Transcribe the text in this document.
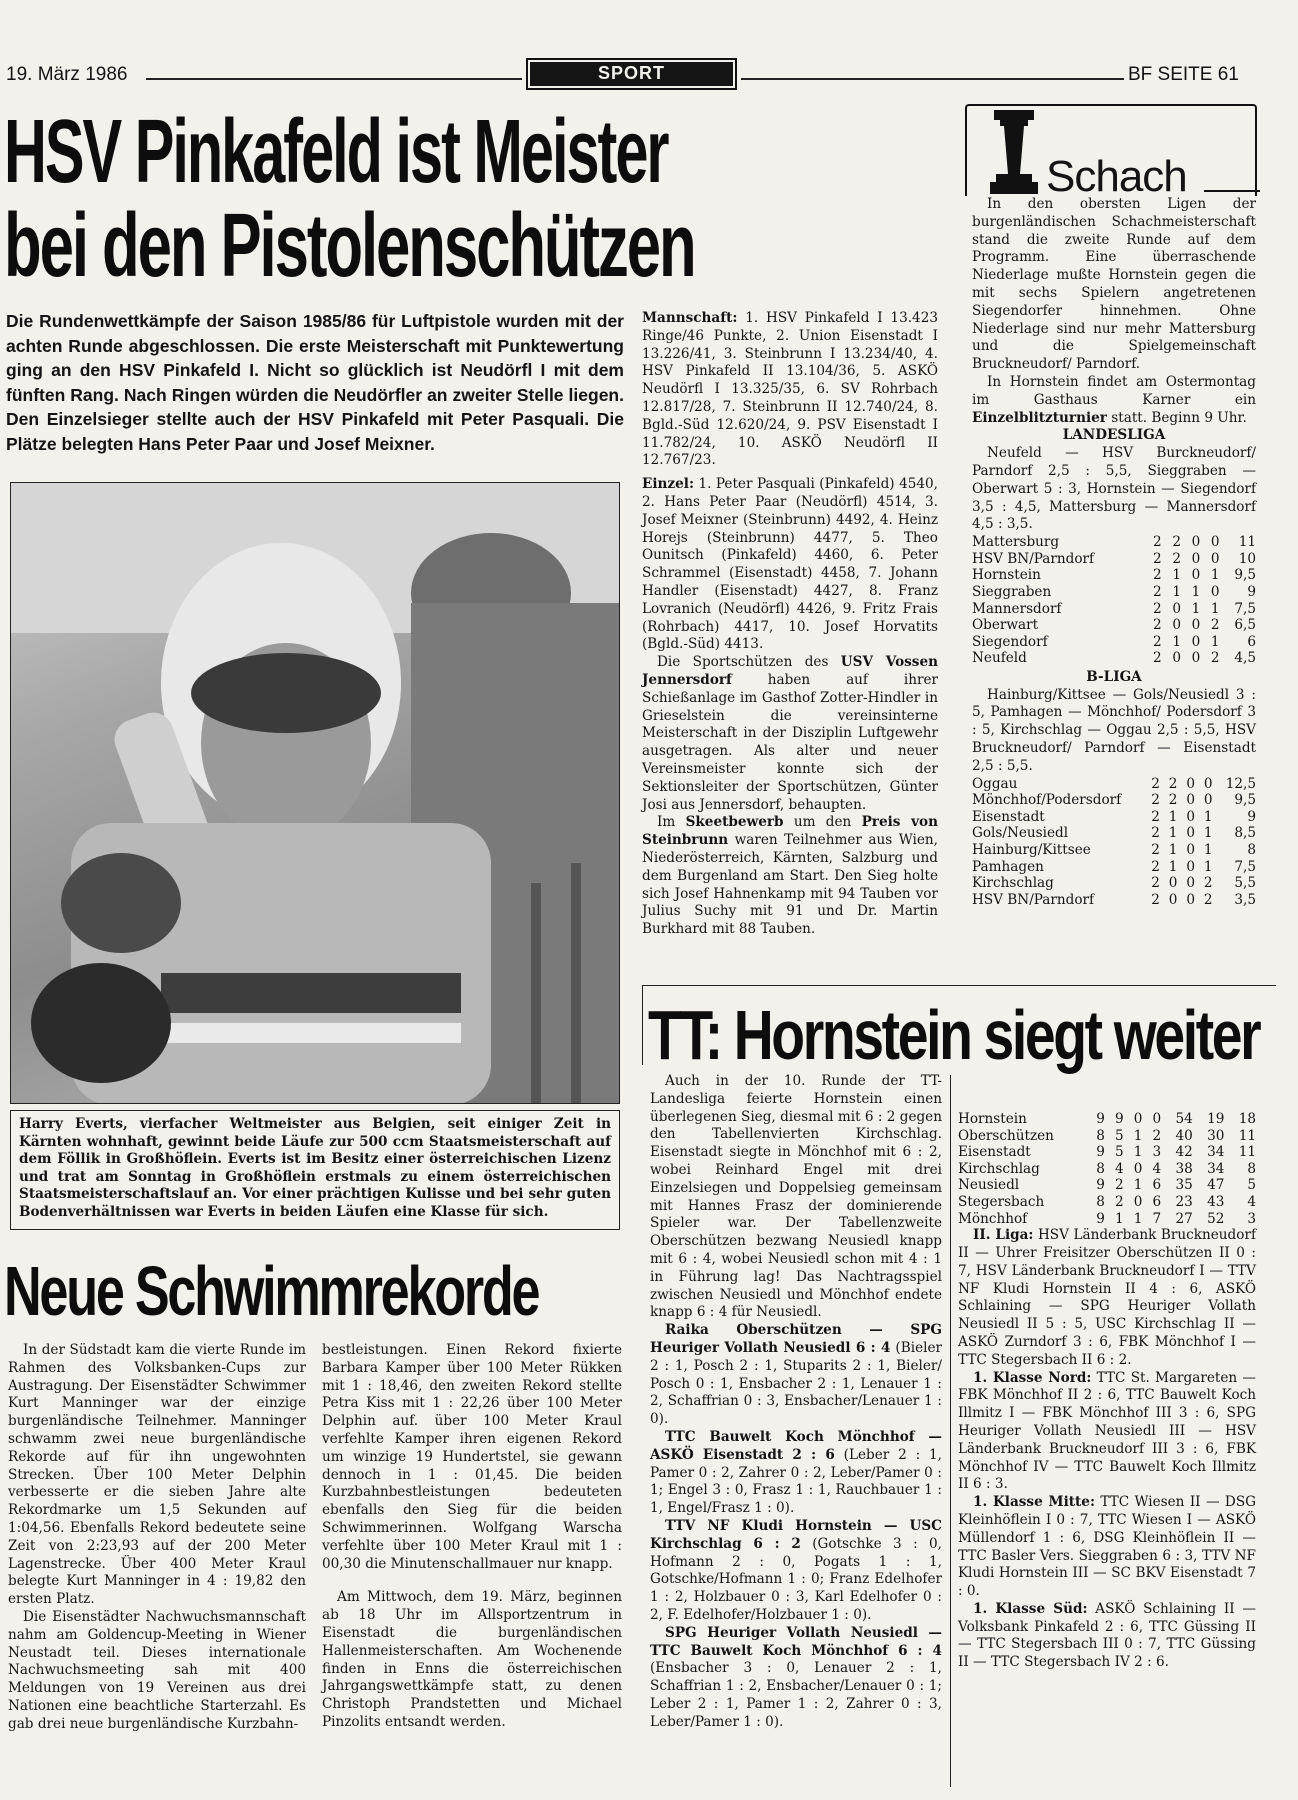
19. März 1986	SPORT	BF SEITE 61
HSV Pinkafeld ist Meister
bei den Pistolenschützen
Die Rundenwettkämpfe der Saison 1985/86 für Luftpistole wurden mit der achten Runde abgeschlossen. Die erste Meisterschaft mit Punktewertung ging an den HSV Pinkafeld I. Nicht so glücklich ist Neudörfl I mit dem fünften Rang. Nach Ringen würden die Neudörfler an zweiter Stelle liegen. Den Einzelsieger stellte auch der HSV Pinkafeld mit Peter Pasquali. Die Plätze belegten Hans Peter Paar und Josef Meixner.

Mannschaft: 1. HSV Pinkafeld I 13.423 Ringe/46 Punkte, 2. Union Eisenstadt I 13.226/41, 3. Steinbrunn I 13.234/40, 4. HSV Pinkafeld II 13.104/36, 5. ASKÖ Neudörfl I 13.325/35, 6. SV Rohrbach 12.817/28, 7. Steinbrunn II 12.740/24, 8. Bgld.-Süd 12.620/24, 9. PSV Eisenstadt I 11.782/24, 10. ASKÖ Neudörfl II 12.767/23.

Einzel: 1. Peter Pasquali (Pinkafeld) 4540, 2. Hans Peter Paar (Neudörfl) 4514, 3. Josef Meixner (Steinbrunn) 4492, 4. Heinz Horejs (Steinbrunn) 4477, 5. Theo Ounitsch (Pinkafeld) 4460, 6. Peter Schrammel (Eisenstadt) 4458, 7. Johann Handler (Eisenstadt) 4427, 8. Franz Lovranich (Neudörfl) 4426, 9. Fritz Frais (Rohrbach) 4417, 10. Josef Horvatits (Bgld.-Süd) 4413.

Die Sportschützen des USV Vossen Jennersdorf haben auf ihrer Schießanlage im Gasthof Zotter-Hindler in Grieselstein die vereinsinterne Meisterschaft in der Disziplin Luftgewehr ausgetragen. Als alter und neuer Vereinsmeister konnte sich der Sektionsleiter der Sportschützen, Günter Josi aus Jennersdorf, behaupten.

Im Skeetbewerb um den Preis von Steinbrunn waren Teilnehmer aus Wien, Niederösterreich, Kärnten, Salzburg und dem Burgenland am Start. Den Sieg holte sich Josef Hahnenkamp mit 94 Tauben vor Julius Suchy mit 91 und Dr. Martin Burkhard mit 88 Tauben.

Harry Everts, vierfacher Weltmeister aus Belgien, seit einiger Zeit in Kärnten wohnhaft, gewinnt beide Läufe zur 500 ccm Staatsmeisterschaft auf dem Föllik in Großhöflein. Everts ist im Besitz einer österreichischen Lizenz und trat am Sonntag in Großhöflein erstmals zu einem österreichischen Staatsmeisterschaftslauf an. Vor einer prächtigen Kulisse und bei sehr guten Bodenverhältnissen war Everts in beiden Läufen eine Klasse für sich.
Schach

In den obersten Ligen der burgenländischen Schachmeisterschaft stand die zweite Runde auf dem Programm. Eine überraschende Niederlage mußte Hornstein gegen die mit sechs Spielern angetretenen Siegendorfer hinnehmen. Ohne Niederlage sind nur mehr Mattersburg und die Spielgemeinschaft Bruckneudorf/ Parndorf.

In Hornstein findet am Ostermontag im Gasthaus Karner ein Einzelblitzturnier statt. Beginn 9 Uhr.

LANDESLIGA

Neufeld — HSV Burckneudorf/ Parndorf 2,5 : 5,5, Sieggraben — Oberwart 5 : 3, Hornstein — Siegendorf 3,5 : 4,5, Mattersburg — Mannersdorf 4,5 : 3,5.

Mattersburg	2	2	0	0	11
HSV BN/Parndorf	2	2	0	0	10
Hornstein	2	1	0	1	9,5
Sieggraben	2	1	1	0	9
Mannersdorf	2	0	1	1	7,5
Oberwart	2	0	0	2	6,5
Siegendorf	2	1	0	1	6
Neufeld	2	0	0	2	4,5

B-LIGA

Hainburg/Kittsee — Gols/Neusiedl 3 : 5, Pamhagen — Mönchhof/ Podersdorf 3 : 5, Kirchschlag — Oggau 2,5 : 5,5, HSV Bruckneudorf/ Parndorf — Eisenstadt 2,5 : 5,5.

Oggau	2	2	0	0	12,5
Mönchhof/Podersdorf	2	2	0	0	9,5
Eisenstadt	2	1	0	1	9
Gols/Neusiedl	2	1	0	1	8,5
Hainburg/Kittsee	2	1	0	1	8
Pamhagen	2	1	0	1	7,5
Kirchschlag	2	0	0	2	5,5
HSV BN/Parndorf	2	0	0	2	3,5
TT: Hornstein siegt weiter

Auch in der 10. Runde der TT-Landesliga feierte Hornstein einen überlegenen Sieg, diesmal mit 6 : 2 gegen den Tabellenvierten Kirchschlag. Eisenstadt siegte in Mönchhof mit 6 : 2, wobei Reinhard Engel mit drei Einzelsiegen und Doppelsieg gemeinsam mit Hannes Frasz der dominierende Spieler war. Der Tabellenzweite Oberschützen bezwang Neusiedl knapp mit 6 : 4, wobei Neusiedl schon mit 4 : 1 in Führung lag! Das Nachtragsspiel zwischen Neusiedl und Mönchhof endete knapp 6 : 4 für Neusiedl.

Raika Oberschützen — SPG Heuriger Vollath Neusiedl 6 : 4 (Bieler 2 : 1, Posch 2 : 1, Stuparits 2 : 1, Bieler/ Posch 0 : 1, Ensbacher 2 : 1, Lenauer 1 : 2, Schaffrian 0 : 3, Ensbacher/Lenauer 1 : 0).

TTC Bauwelt Koch Mönchhof — ASKÖ Eisenstadt 2 : 6 (Leber 2 : 1, Pamer 0 : 2, Zahrer 0 : 2, Leber/Pamer 0 : 1; Engel 3 : 0, Frasz 1 : 1, Rauchbauer 1 : 1, Engel/Frasz 1 : 0).

TTV NF Kludi Hornstein — USC Kirchschlag 6 : 2 (Gotschke 3 : 0, Hofmann 2 : 0, Pogats 1 : 1, Gotschke/Hofmann 1 : 0; Franz Edelhofer 1 : 2, Holzbauer 0 : 3, Karl Edelhofer 0 : 2, F. Edelhofer/Holzbauer 1 : 0).

SPG Heuriger Vollath Neusiedl — TTC Bauwelt Koch Mönchhof 6 : 4 (Ensbacher 3 : 0, Lenauer 2 : 1, Schaffrian 1 : 2, Ensbacher/Lenauer 0 : 1; Leber 2 : 1, Pamer 1 : 2, Zahrer 0 : 3, Leber/Pamer 1 : 0).

Hornstein	9	9	0	0	54	19	18
Oberschützen	8	5	1	2	40	30	11
Eisenstadt	9	5	1	3	42	34	11
Kirchschlag	8	4	0	4	38	34	8
Neusiedl	9	2	1	6	35	47	5
Stegersbach	8	2	0	6	23	43	4
Mönchhof	9	1	1	7	27	52	3

II. Liga: HSV Länderbank Bruckneudorf II — Uhrer Freisitzer Oberschützen II 0 : 7, HSV Länderbank Bruckneudorf I — TTV NF Kludi Hornstein II 4 : 6, ASKÖ Schlaining — SPG Heuriger Vollath Neusiedl II 5 : 5, USC Kirchschlag II — ASKÖ Zurndorf 3 : 6, FBK Mönchhof I — TTC Stegersbach II 6 : 2.

1. Klasse Nord: TTC St. Margareten — FBK Mönchhof II 2 : 6, TTC Bauwelt Koch Illmitz I — FBK Mönchhof III 3 : 6, SPG Heuriger Vollath Neusiedl III — HSV Länderbank Bruckneudorf III 3 : 6, FBK Mönchhof IV — TTC Bauwelt Koch Illmitz II 6 : 3.

1. Klasse Mitte: TTC Wiesen II — DSG Kleinhöflein I 0 : 7, TTC Wiesen I — ASKÖ Müllendorf 1 : 6, DSG Kleinhöflein II — TTC Basler Vers. Sieggraben 6 : 3, TTV NF Kludi Hornstein III — SC BKV Eisenstadt 7 : 0.

1. Klasse Süd: ASKÖ Schlaining II — Volksbank Pinkafeld 2 : 6, TTC Güssing II — TTC Stegersbach III 0 : 7, TTC Güssing II — TTC Stegersbach IV 2 : 6.

Neue Schwimmrekorde

In der Südstadt kam die vierte Runde im Rahmen des Volksbanken-Cups zur Austragung. Der Eisenstädter Schwimmer Kurt Manninger war der einzige burgenländische Teilnehmer. Manninger schwamm zwei neue burgenländische Rekorde auf für ihn ungewohnten Strecken. Über 100 Meter Delphin verbesserte er die sieben Jahre alte Rekordmarke um 1,5 Sekunden auf 1:04,56. Ebenfalls Rekord bedeutete seine Zeit von 2:23,93 auf der 200 Meter Lagenstrecke. Über 400 Meter Kraul belegte Kurt Manninger in 4 : 19,82 den ersten Platz.

Die Eisenstädter Nachwuchsmannschaft nahm am Goldencup-Meeting in Wiener Neustadt teil. Dieses internationale Nachwuchsmeeting sah mit 400 Meldungen von 19 Vereinen aus drei Nationen eine beachtliche Starterzahl. Es gab drei neue burgenländische Kurzbahn-

bestleistungen. Einen Rekord fixierte Barbara Kamper über 100 Meter Rükken mit 1 : 18,46, den zweiten Rekord stellte Petra Kiss mit 1 : 22,26 über 100 Meter Delphin auf. über 100 Meter Kraul verfehlte Kamper ihren eigenen Rekord um winzige 19 Hundertstel, sie gewann dennoch in 1 : 01,45. Die beiden Kurzbahnbestleistungen bedeuteten ebenfalls den Sieg für die beiden Schwimmerinnen. Wolfgang Warscha verfehlte über 100 Meter Kraul mit 1 : 00,30 die Minutenschallmauer nur knapp.

Am Mittwoch, dem 19. März, beginnen ab 18 Uhr im Allsportzentrum in Eisenstadt die burgenländischen Hallenmeisterschaften. Am Wochenende finden in Enns die österreichischen Jahrgangswettkämpfe statt, zu denen Christoph Prandstetten und Michael Pinzolits entsandt werden.
